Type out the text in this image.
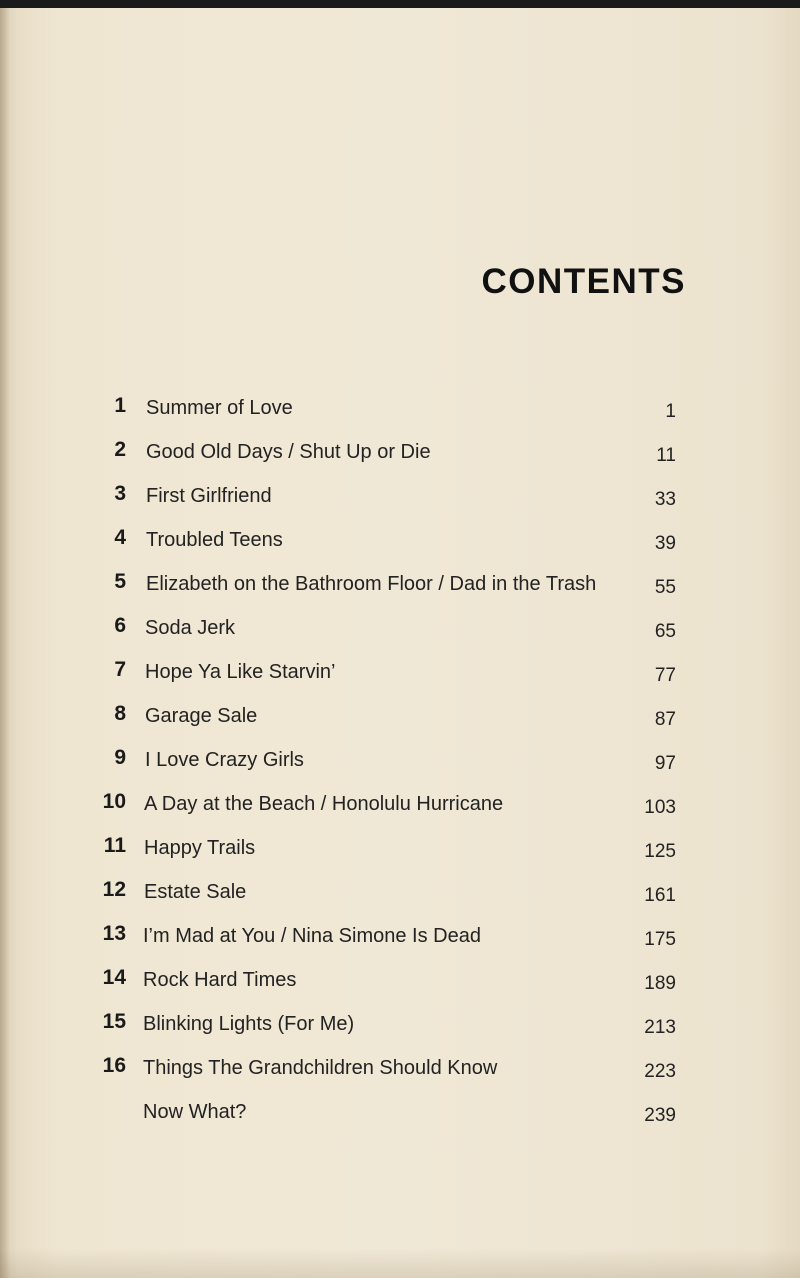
CONTENTS
1 Summer of Love	1
2 Good Old Days / Shut Up or Die	11
3 First Girlfriend	33
4 Troubled Teens	39
5 Elizabeth on the Bathroom Floor / Dad in the Trash	55
6 Soda Jerk	65
7 Hope Ya Like Starvin’	77
8 Garage Sale	87
9 I Love Crazy Girls	97
10 A Day at the Beach / Honolulu Hurricane	103
11 Happy Trails	125
12 Estate Sale	161
13 I’m Mad at You / Nina Simone Is Dead	175
14 Rock Hard Times	189
15 Blinking Lights (For Me)	213
16 Things The Grandchildren Should Know	223
Now What?	239
